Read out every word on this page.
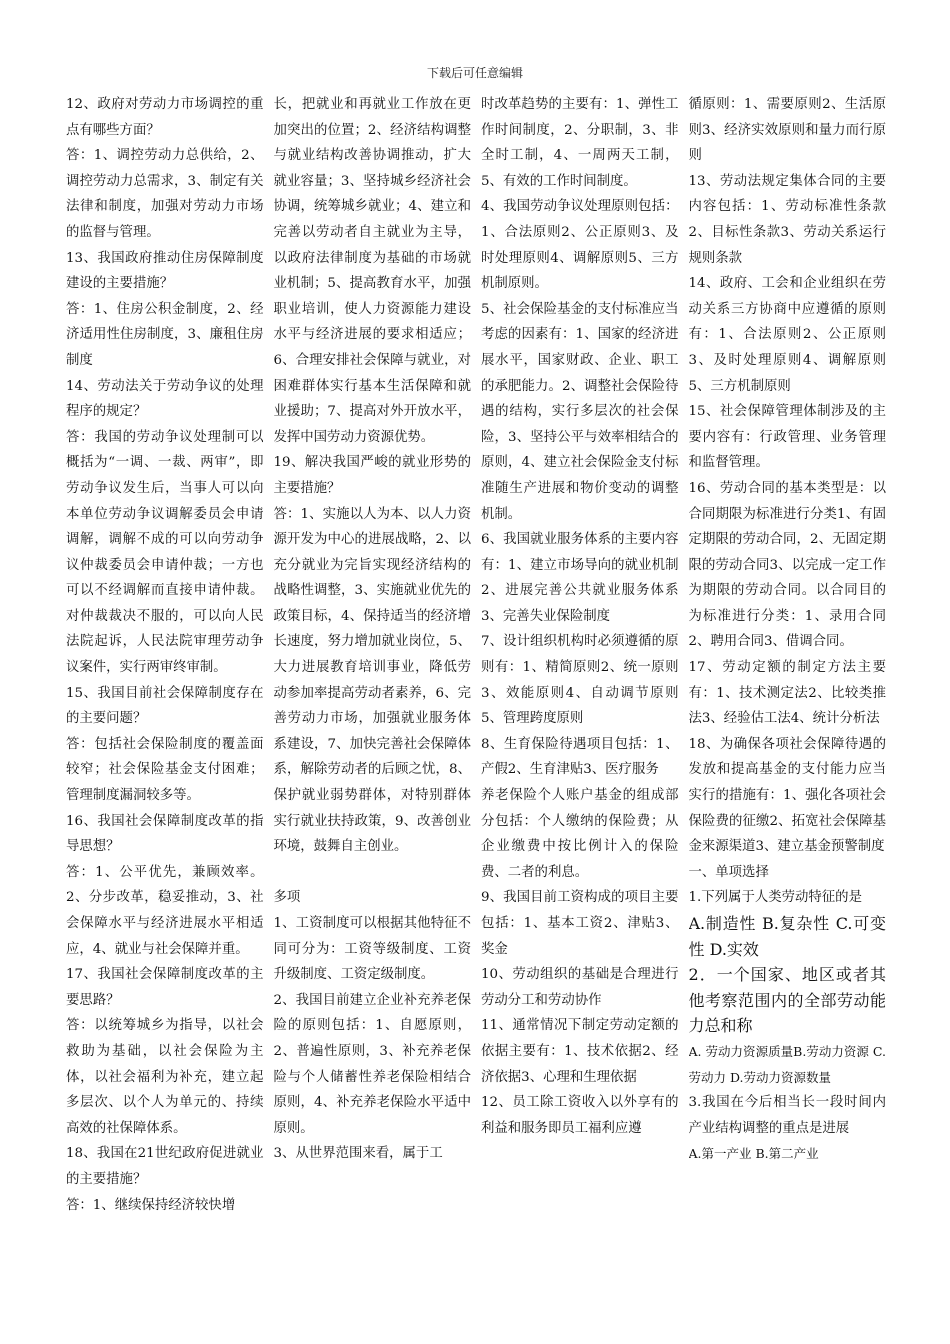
下载后可任意编辑

12、政府对劳动力市场调控的重点有哪些方面？

答：1、调控劳动力总供给，2、调控劳动力总需求，3、制定有关法律和制度，加强对劳动力市场的监督与管理。

13、我国政府推动住房保障制度建设的主要措施？

答：1、住房公积金制度，2、经济适用性住房制度，3、廉租住房制度

14、劳动法关于劳动争议的处理程序的规定？

答：我国的劳动争议处理制可以概括为“一调、一裁、两审”，即劳动争议发生后，当事人可以向本单位劳动争议调解委员会申请调解，调解不成的可以向劳动争议仲裁委员会申请仲裁；一方也可以不经调解而直接申请仲裁。对仲裁裁决不服的，可以向人民法院起诉，人民法院审理劳动争议案件，实行两审终审制。

15、我国目前社会保障制度存在的主要问题？

答：包括社会保险制度的覆盖面较窄；社会保险基金支付困难；管理制度漏洞较多等。

16、我国社会保障制度改革的指导思想？

答：1、公平优先，兼顾效率。2、分步改革，稳妥推动，3、社会保障水平与经济进展水平相适应，4、就业与社会保障并重。

17、我国社会保障制度改革的主要思路？

答：以统筹城乡为指导，以社会救助为基础，以社会保险为主体，以社会福利为补充，建立起多层次、以个人为单元的、持续高效的社保障体系。

18、我国在21世纪政府促进就业的主要措施？

答：1、继续保持经济较快增

长，把就业和再就业工作放在更加突出的位置；2、经济结构调整与就业结构改善协调推动，扩大就业容量；3、坚持城乡经济社会协调，统筹城乡就业；4、建立和完善以劳动者自主就业为主导，以政府法律制度为基础的市场就业机制；5、提高教育水平，加强职业培训，使人力资源能力建设水平与经济进展的要求相适应；6、合理安排社会保障与就业，对困难群体实行基本生活保障和就业援助；7、提高对外开放水平，发挥中国劳动力资源优势。

19、解决我国严峻的就业形势的主要措施？

答：1、实施以人为本、以人力资源开发为中心的进展战略，2、以充分就业为完旨实现经济结构的战略性调整，3、实施就业优先的政策目标，4、保持适当的经济增长速度，努力增加就业岗位，5、大力进展教育培训事业，降低劳动参加率提高劳动者素养，6、完善劳动力市场，加强就业服务体系建设，7、加快完善社会保障体系，解除劳动者的后顾之忧，8、保护就业弱势群体，对特别群体实行就业扶持政策，9、改善创业环境，鼓舞自主创业。

多项

1、工资制度可以根据其他特征不同可分为：工资等级制度、工资升级制度、工资定级制度。

2、我国目前建立企业补充养老保险的原则包括：1、自愿原则，2、普遍性原则，3、补充养老保险与个人储蓄性养老保险相结合原则，4、补充养老保险水平适中原则。

3、从世界范围来看，属于工

时改革趋势的主要有：1、弹性工作时间制度，2、分职制，3、非全时工制，4、一周两天工制，5、有效的工作时间制度。

4、我国劳动争议处理原则包括：1、合法原则2、公正原则3、及时处理原则4、调解原则5、三方机制原则。

5、社会保险基金的支付标准应当考虑的因素有：1、国家的经济进展水平，国家财政、企业、职工的承肥能力。2、调整社会保险待遇的结构，实行多层次的社会保险，3、坚持公平与效率相结合的原则，4、建立社会保险金支付标准随生产进展和物价变动的调整机制。

6、我国就业服务体系的主要内容有：1、建立市场导向的就业机制2、进展完善公共就业服务体系3、完善失业保险制度

7、设计组织机构时必须遵循的原则有：1、精简原则2、统一原则3、效能原则4、自动调节原则5、管理跨度原则

8、生育保险待遇项目包括：1、产假2、生育津贴3、医疗服务

养老保险个人账户基金的组成部分包括：个人缴纳的保险费；从企业缴费中按比例计入的保险费、二者的利息。

9、我国目前工资构成的项目主要包括：1、基本工资2、津贴3、奖金

10、劳动组织的基础是合理进行劳动分工和劳动协作

11、通常情况下制定劳动定额的依据主要有：1、技术依据2、经济依据3、心理和生理依据

12、员工除工资收入以外享有的利益和服务即员工福利应遵

循原则：1、需要原则2、生活原则3、经济实效原则和量力而行原则

13、劳动法规定集体合同的主要内容包括：1、劳动标准性条款2、目标性条款3、劳动关系运行规则条款

14、政府、工会和企业组织在劳动关系三方协商中应遵循的原则有：1、合法原则2、公正原则3、及时处理原则4、调解原则5、三方机制原则

15、社会保障管理体制涉及的主要内容有：行政管理、业务管理和监督管理。

16、劳动合同的基本类型是：以合同期限为标准进行分类1、有固定期限的劳动合同，2、无固定期限的劳动合同3、以完成一定工作为期限的劳动合同。以合同目的为标准进行分类：1、录用合同2、聘用合同3、借调合同。

17、劳动定额的制定方法主要有：1、技术测定法2、比较类推法3、经验估工法4、统计分析法

18、为确保各项社会保障待遇的发放和提高基金的支付能力应当实行的措施有：1、强化各项社会保险费的征缴2、拓宽社会保障基金来源渠道3、建立基金预警制度

一、单项选择

1.下列属于人类劳动特征的是

A.制造性 B.复杂性 C.可变性 D.实效

2．一个国家、地区或者其他考察范围内的全部劳动能力总和称

A. 劳动力资源质量B.劳动力资源 C.劳动力 D.劳动力资源数量

3.我国在今后相当长一段时间内产业结构调整的重点是进展

A.第一产业 B.第二产业
